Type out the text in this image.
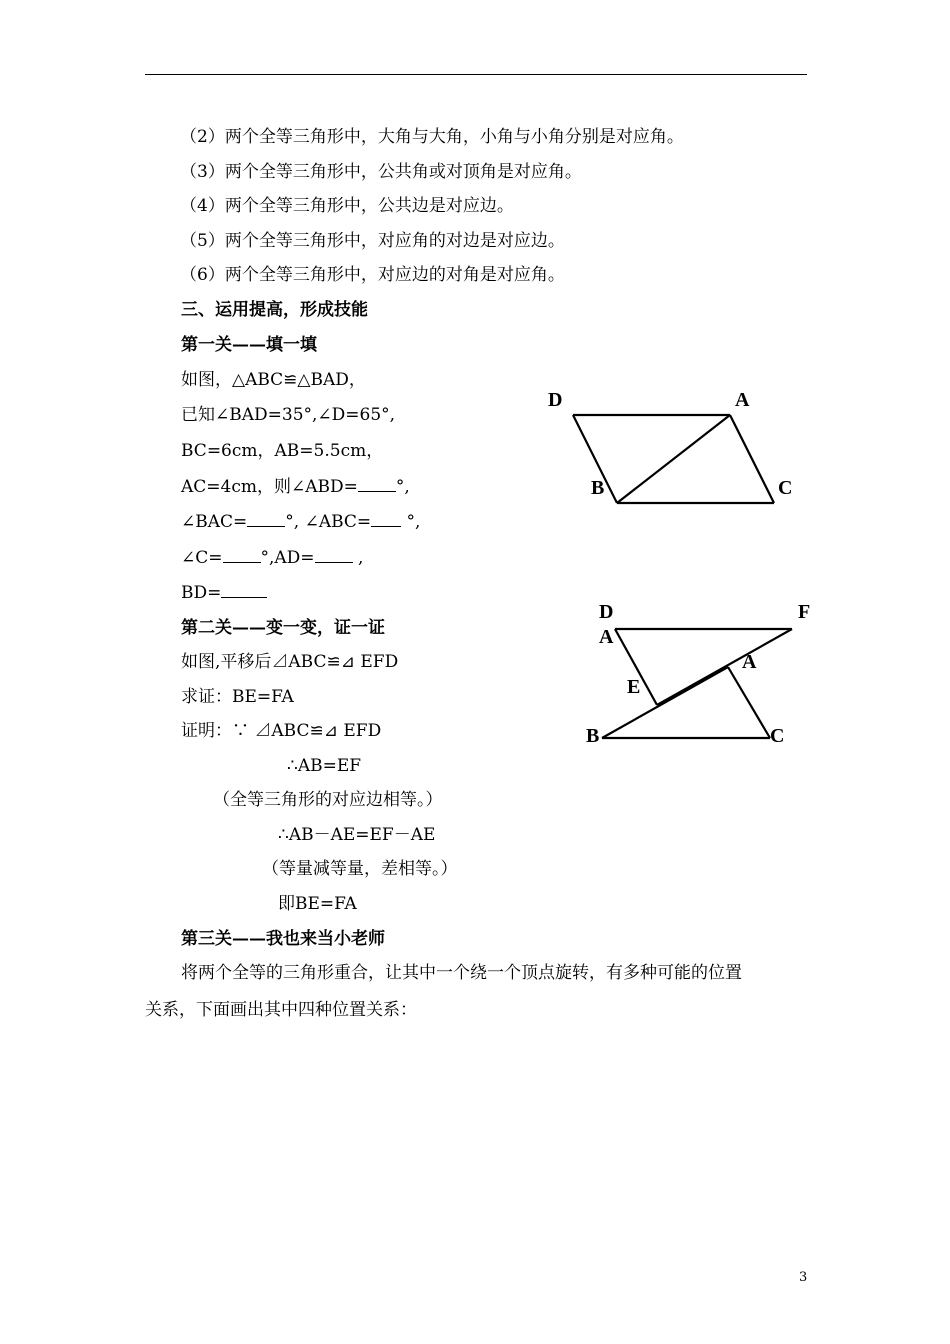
（2）两个全等三角形中，大角与大角，小角与小角分别是对应角。
（3）两个全等三角形中，公共角或对顶角是对应角。
（4）两个全等三角形中，公共边是对应边。
（5）两个全等三角形中，对应角的对边是对应边。
（6）两个全等三角形中，对应边的对角是对应角。
三、运用提高，形成技能
第一关——填一填
如图，△ABC≌△BAD，
已知∠BAD=35°,∠D=65°,
BC=6cm，AB=5.5cm，
AC=4cm，则∠ABD= °,
∠BAC= °, ∠ABC= °,
∠C= °,AD= ,
BD=
第二关——变一变，证一证
如图,平移后⊿ABC≌⊿ EFD
求证：BE=FA
证明：∵ ⊿ABC≌⊿ EFD
∴AB=EF
（全等三角形的对应边相等。）
∴AB－AE=EF－AE
（等量减等量，差相等。）
即BE=FA
第三关——我也来当小老师
将两个全等的三角形重合，让其中一个绕一个顶点旋转，有多种可能的位置
关系，下面画出其中四种位置关系：
D	A
B	C
D	F
A
A
E
B	C
3
